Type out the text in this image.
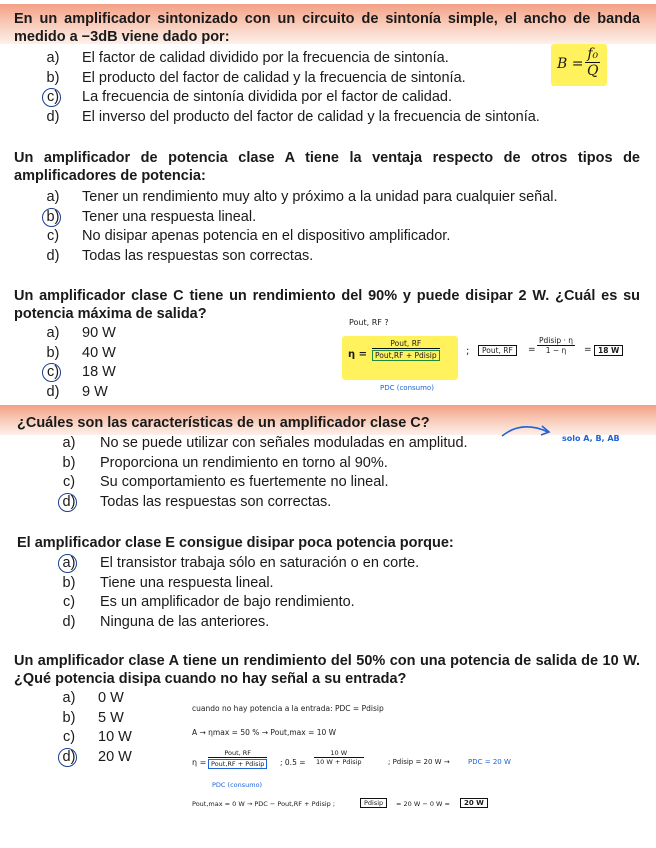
En un amplificador sintonizado con un circuito de sintonía simple, el ancho de banda medido a −3dB viene dado por:

a) El factor de calidad dividido por la frecuencia de sintonía.
b) El producto del factor de calidad y la frecuencia de sintonía.
c) La frecuencia de sintonía dividida por el factor de calidad.
d) El inverso del producto del factor de calidad y la frecuencia de sintonía.
$B = \frac{\text{f₀}}{Q}$

Un amplificador de potencia clase A tiene la ventaja respecto de otros tipos de amplificadores de potencia:

a) Tener un rendimiento muy alto y próximo a la unidad para cualquier señal.
b) Tener una respuesta lineal.
c) No disipar apenas potencia en el dispositivo amplificador.
d) Todas las respuestas son correctas.

Un amplificador clase C tiene un rendimiento del 90% y puede disipar 2 W. ¿Cuál es su potencia máxima de salida?

a) 90 W
b) 40 W
c) 18 W
d) 9 W
Pout, RF ?
η =
Pout, RF
Pout,RF + Pdisip
PDC (consumo)
;	Pout, RF	=
Pdisip · η
1 − η	= 18 W

¿Cuáles son las características de un amplificador clase C?

a) No se puede utilizar con señales moduladas en amplitud.
b) Proporciona un rendimiento en torno al 90%.
c) Su comportamiento es fuertemente no lineal.
d) Todas las respuestas son correctas.
solo A, B, AB

El amplificador clase E consigue disipar poca potencia porque:

a) El transistor trabaja sólo en saturación o en corte.
b) Tiene una respuesta lineal.
c) Es un amplificador de bajo rendimiento.
d) Ninguna de las anteriores.

Un amplificador clase A tiene un rendimiento del 50% con una potencia de salida de 10 W. ¿Qué potencia disipa cuando no hay señal a su entrada?

a) 0 W
b) 5 W
c) 10 W
d) 20 W
cuando no hay potencia a la entrada: PDC = Pdisip
A → ηmax = 50 % → Pout,max = 10 W
η =
Pout, RF
Pout,RF + Pdisip
PDC (consumo)
; 0.5 =
10 W
10 W + Pdisip	; Pdisip = 20 W →	PDC = 20 W
Pout,max = 0 W → PDC − Pout,RF + Pdisip ;	Pdisip	= 20 W − 0 W =	20 W
